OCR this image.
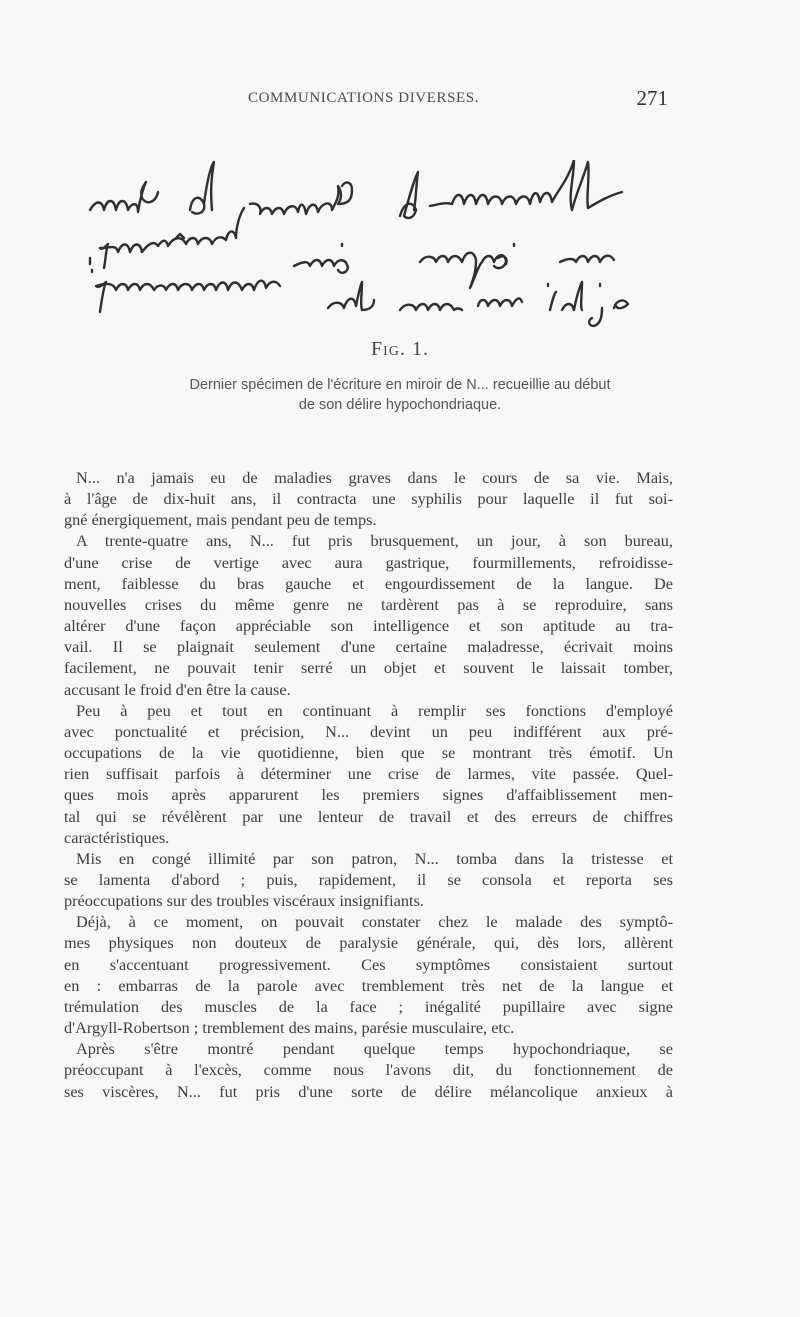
COMMUNICATIONS DIVERSES.	271
Fig. 1.
Dernier spécimen de l'écriture en miroir de N... recueillie au début
de son délire hypochondriaque.
N... n'a jamais eu de maladies graves dans le cours de sa vie. Mais,
à l'âge de dix-huit ans, il contracta une syphilis pour laquelle il fut soi-
gné énergiquement, mais pendant peu de temps.
A trente-quatre ans, N... fut pris brusquement, un jour, à son bureau,
d'une crise de vertige avec aura gastrique, fourmillements, refroidisse-
ment, faiblesse du bras gauche et engourdissement de la langue. De
nouvelles crises du même genre ne tardèrent pas à se reproduire, sans
altérer d'une façon appréciable son intelligence et son aptitude au tra-
vail. Il se plaignait seulement d'une certaine maladresse, écrivait moins
facilement, ne pouvait tenir serré un objet et souvent le laissait tomber,
accusant le froid d'en être la cause.
Peu à peu et tout en continuant à remplir ses fonctions d'employé
avec ponctualité et précision, N... devint un peu indifférent aux pré-
occupations de la vie quotidienne, bien que se montrant très émotif. Un
rien suffisait parfois à déterminer une crise de larmes, vite passée. Quel-
ques mois après apparurent les premiers signes d'affaiblissement men-
tal qui se révélèrent par une lenteur de travail et des erreurs de chiffres
caractéristiques.
Mis en congé illimité par son patron, N... tomba dans la tristesse et
se lamenta d'abord ; puis, rapidement, il se consola et reporta ses
préoccupations sur des troubles viscéraux insignifiants.
Déjà, à ce moment, on pouvait constater chez le malade des symptô-
mes physiques non douteux de paralysie générale, qui, dès lors, allèrent
en s'accentuant progressivement. Ces symptômes consistaient surtout
en : embarras de la parole avec tremblement très net de la langue et
trémulation des muscles de la face ; inégalité pupillaire avec signe
d'Argyll-Robertson ; tremblement des mains, parésie musculaire, etc.
Après s'être montré pendant quelque temps hypochondriaque, se
préoccupant à l'excès, comme nous l'avons dit, du fonctionnement de
ses viscères, N... fut pris d'une sorte de délire mélancolique anxieux à
